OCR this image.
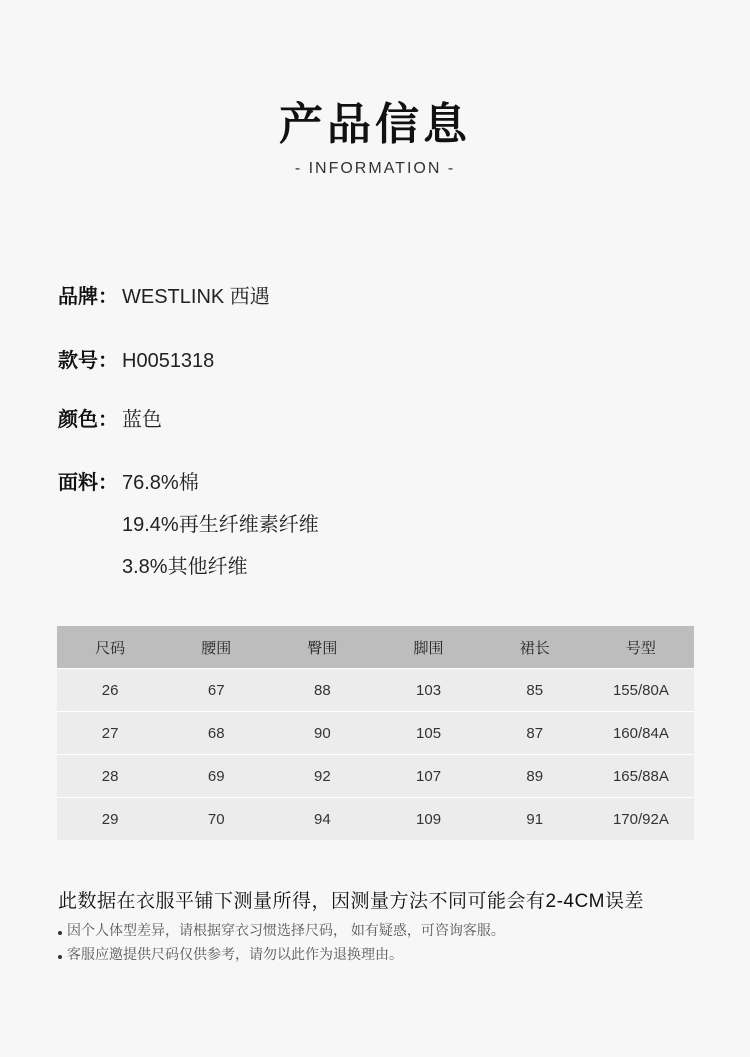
产品信息
- INFORMATION -
品牌： WESTLINK 西遇
款号： H0051318
颜色： 蓝色
面料： 76.8%棉
19.4%再生纤维素纤维
3.8%其他纤维
尺码	腰围	臀围	脚围	裙长	号型
26	67	88	103	85	155/80A
27	68	90	105	87	160/84A
28	69	92	107	89	165/88A
29	70	94	109	91	170/92A
此数据在衣服平铺下测量所得，因测量方法不同可能会有2-4CM误差
因个人体型差异，请根据穿衣习惯选择尺码， 如有疑惑，可咨询客服。
客服应邀提供尺码仅供参考，请勿以此作为退换理由。
